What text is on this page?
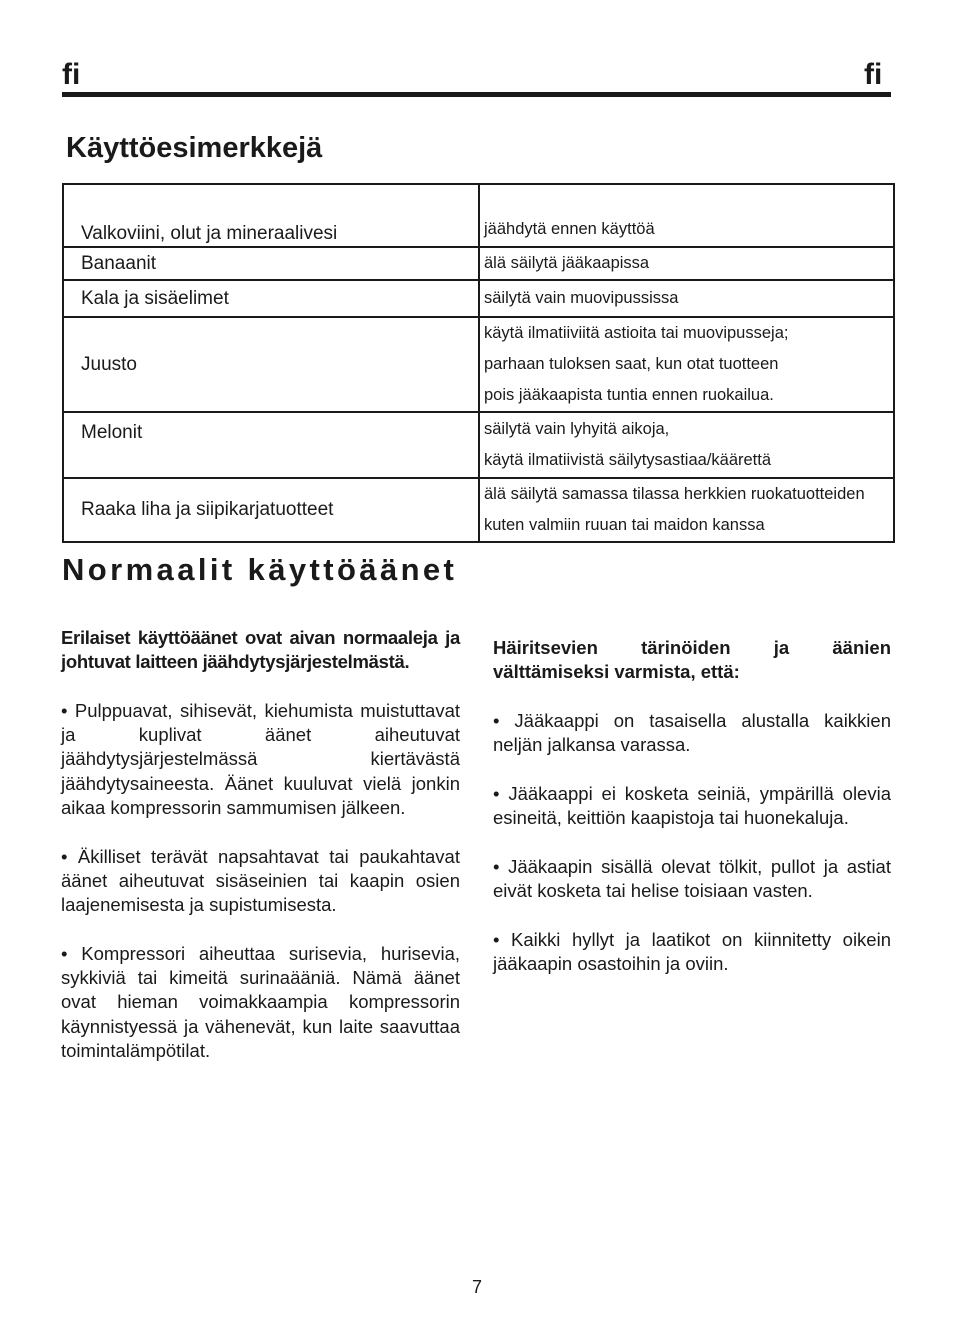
fi	fi
Käyttöesimerkkejä
Valkoviini, olut ja mineraalivesi	jäähdytä ennen käyttöä

Banaanit	älä säilytä jääkaapissa

Kala ja sisäelimet	säilytä vain muovipussissa

Juusto	käytä ilmatiiviitä astioita tai muovipusseja;
parhaan tuloksen saat, kun otat tuotteen
pois jääkaapista tuntia ennen ruokailua.

Melonit	säilytä vain lyhyitä aikoja,
käytä ilmatiivistä säilytysastiaa/käärettä

Raaka liha ja siipikarjatuotteet	älä säilytä samassa tilassa herkkien ruokatuotteiden
kuten valmiin ruuan tai maidon kanssa
Normaalit käyttöäänet

Erilaiset käyttöäänet ovat aivan normaaleja ja johtuvat laitteen jäähdytysjärjestelmästä.

• Pulppuavat, sihisevät, kiehumista muistuttavat ja kuplivat äänet aiheutuvat jäähdytysjärjestelmässä kiertävästä jäähdytysaineesta. Äänet kuuluvat vielä jonkin aikaa kompressorin sammumisen jälkeen.

• Äkilliset terävät napsahtavat tai paukahtavat äänet aiheutuvat sisäseinien tai kaapin osien laajenemisesta ja supistumisesta.

• Kompressori aiheuttaa surisevia, hurisevia, sykkiviä tai kimeitä surinaääniä. Nämä äänet ovat hieman voimakkaampia kompressorin käynnistyessä ja vähenevät, kun laite saavuttaa toimintalämpötilat.

Häiritsevien tärinöiden ja äänien välttämiseksi varmista, että:

• Jääkaappi on tasaisella alustalla kaikkien neljän jalkansa varassa.

• Jääkaappi ei kosketa seiniä, ympärillä olevia esineitä, keittiön kaapistoja tai huonekaluja.

• Jääkaapin sisällä olevat tölkit, pullot ja astiat eivät kosketa tai helise toisiaan vasten.

• Kaikki hyllyt ja laatikot on kiinnitetty oikein jääkaapin osastoihin ja oviin.

7
